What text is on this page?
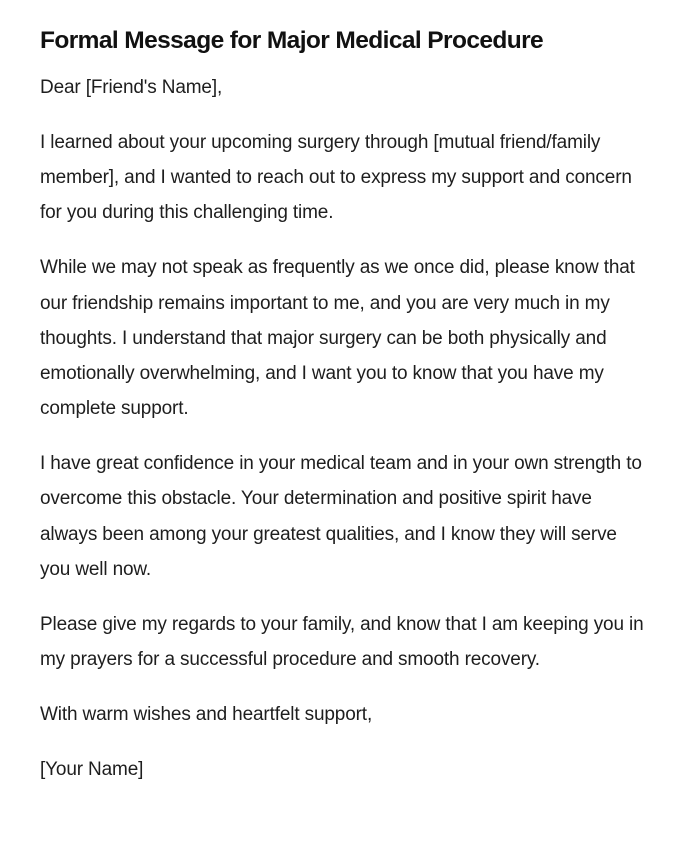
Formal Message for Major Medical Procedure

Dear [Friend's Name],

I learned about your upcoming surgery through [mutual friend/family member], and I wanted to reach out to express my support and concern for you during this challenging time.

While we may not speak as frequently as we once did, please know that our friendship remains important to me, and you are very much in my thoughts. I understand that major surgery can be both physically and emotionally overwhelming, and I want you to know that you have my complete support.

I have great confidence in your medical team and in your own strength to overcome this obstacle. Your determination and positive spirit have always been among your greatest qualities, and I know they will serve you well now.

Please give my regards to your family, and know that I am keeping you in my prayers for a successful procedure and smooth recovery.

With warm wishes and heartfelt support,

[Your Name]
